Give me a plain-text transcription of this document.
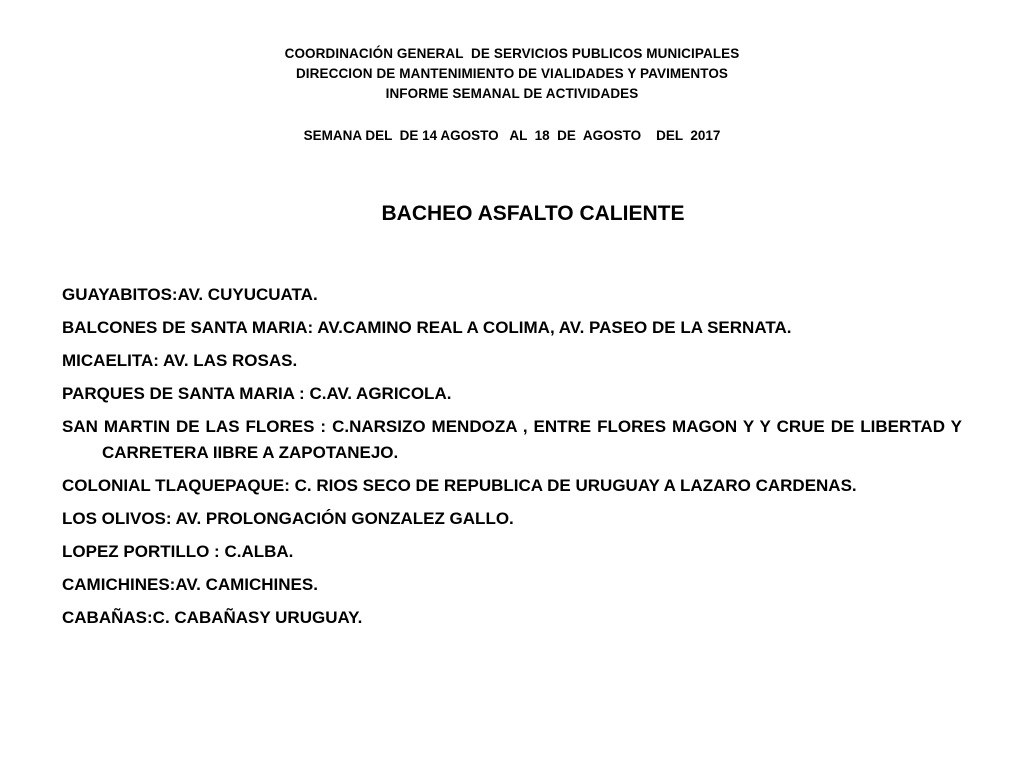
COORDINACIÓN GENERAL  DE SERVICIOS PUBLICOS MUNICIPALES
DIRECCION DE MANTENIMIENTO DE VIALIDADES Y PAVIMENTOS
INFORME SEMANAL DE ACTIVIDADES
SEMANA DEL  DE 14 AGOSTO   AL  18  DE  AGOSTO    DEL  2017
BACHEO ASFALTO CALIENTE
GUAYABITOS:AV. CUYUCUATA.
BALCONES DE SANTA MARIA: AV.CAMINO REAL A COLIMA, AV. PASEO DE LA SERNATA.
MICAELITA: AV. LAS ROSAS.
PARQUES DE SANTA MARIA : C.AV. AGRICOLA.
SAN MARTIN DE LAS FLORES : C.NARSIZO MENDOZA , ENTRE FLORES MAGON Y Y CRUE DE LIBERTAD Y CARRETERA IIBRE A ZAPOTANEJO.
COLONIAL TLAQUEPAQUE: C. RIOS SECO DE REPUBLICA DE URUGUAY A LAZARO CARDENAS.
LOS OLIVOS: AV. PROLONGACIÓN GONZALEZ GALLO.
LOPEZ PORTILLO : C.ALBA.
CAMICHINES:AV. CAMICHINES.
CABAÑAS:C. CABAÑASY URUGUAY.
